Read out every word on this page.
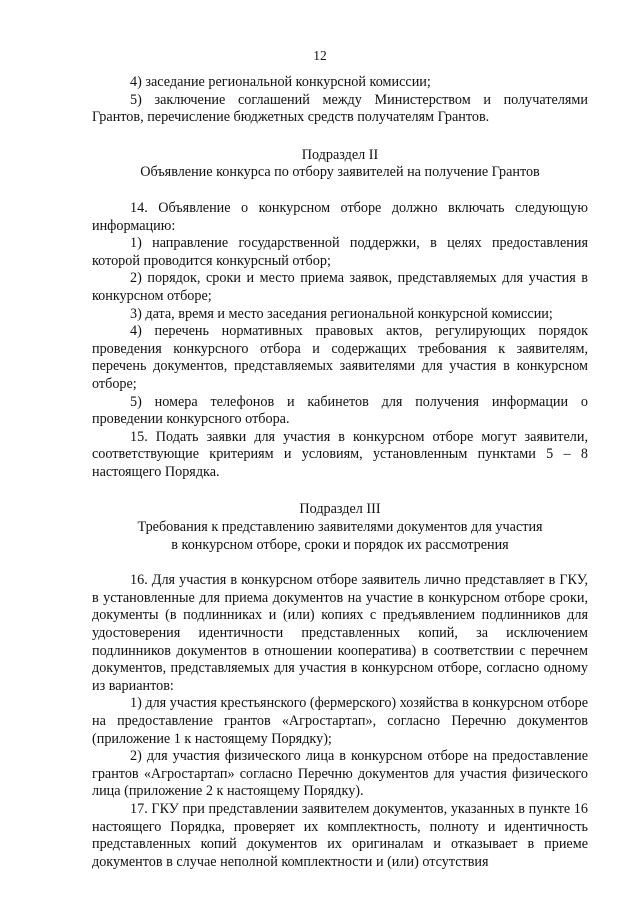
12

4) заседание региональной конкурсной комиссии;

5) заключение соглашений между Министерством и получателями Грантов, перечисление бюджетных средств получателям Грантов.

Подраздел II

Объявление конкурса по отбору заявителей на получение Грантов

14. Объявление о конкурсном отборе должно включать следующую информацию:

1) направление государственной поддержки, в целях предоставления которой проводится конкурсный отбор;

2) порядок, сроки и место приема заявок, представляемых для участия в конкурсном отборе;

3) дата, время и место заседания региональной конкурсной комиссии;

4) перечень нормативных правовых актов, регулирующих порядок проведения конкурсного отбора и содержащих требования к заявителям, перечень документов, представляемых заявителями для участия в конкурсном отборе;

5) номера телефонов и кабинетов для получения информации о проведении конкурсного отбора.

15. Подать заявки для участия в конкурсном отборе могут заявители, соответствующие критериям и условиям, установленным пунктами 5 – 8 настоящего Порядка.

Подраздел III

Требования к представлению заявителями документов для участия

в конкурсном отборе, сроки и порядок их рассмотрения

16. Для участия в конкурсном отборе заявитель лично представляет в ГКУ, в установленные для приема документов на участие в конкурсном отборе сроки, документы (в подлинниках и (или) копиях с предъявлением подлинников для удостоверения идентичности представленных копий, за исключением подлинников документов в отношении кооператива) в соответствии с перечнем документов, представляемых для участия в конкурсном отборе, согласно одному из вариантов:

1) для участия крестьянского (фермерского) хозяйства в конкурсном отборе на предоставление грантов «Агростартап», согласно Перечню документов (приложение 1 к настоящему Порядку);

2) для участия физического лица в конкурсном отборе на предоставление грантов «Агростартап» согласно Перечню документов для участия физического лица (приложение 2 к настоящему Порядку).

17. ГКУ при представлении заявителем документов, указанных в пункте 16 настоящего Порядка, проверяет их комплектность, полноту и идентичность представленных копий документов их оригиналам и отказывает в приеме документов в случае неполной комплектности и (или) отсутствия
